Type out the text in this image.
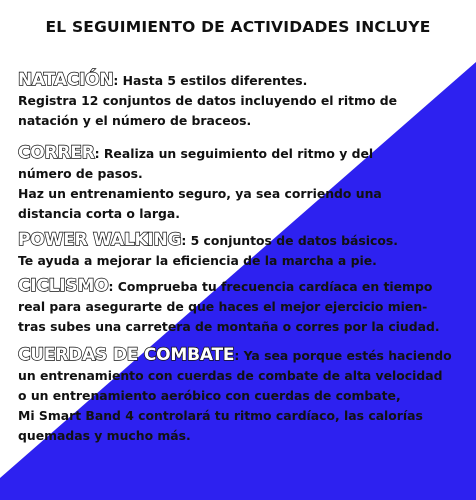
EL SEGUIMIENTO DE ACTIVIDADES INCLUYE
NATACIÓN: Hasta 5 estilos diferentes.
Registra 12 conjuntos de datos incluyendo el ritmo de
natación y el número de braceos.
CORRER: Realiza un seguimiento del ritmo y del
número de pasos.
Haz un entrenamiento seguro, ya sea corriendo una
distancia corta o larga.
POWER WALKING: 5 conjuntos de datos básicos.
Te ayuda a mejorar la eficiencia de la marcha a pie.
CICLISMO: Comprueba tu frecuencia cardíaca en tiempo
real para asegurarte de que haces el mejor ejercicio mien-
tras subes una carretera de montaña o corres por la ciudad.
CUERDAS DE COMBATE: Ya sea porque estés haciendo
un entrenamiento con cuerdas de combate de alta velocidad
o un entrenamiento aeróbico con cuerdas de combate,
Mi Smart Band 4 controlará tu ritmo cardíaco, las calorías
quemadas y mucho más.
